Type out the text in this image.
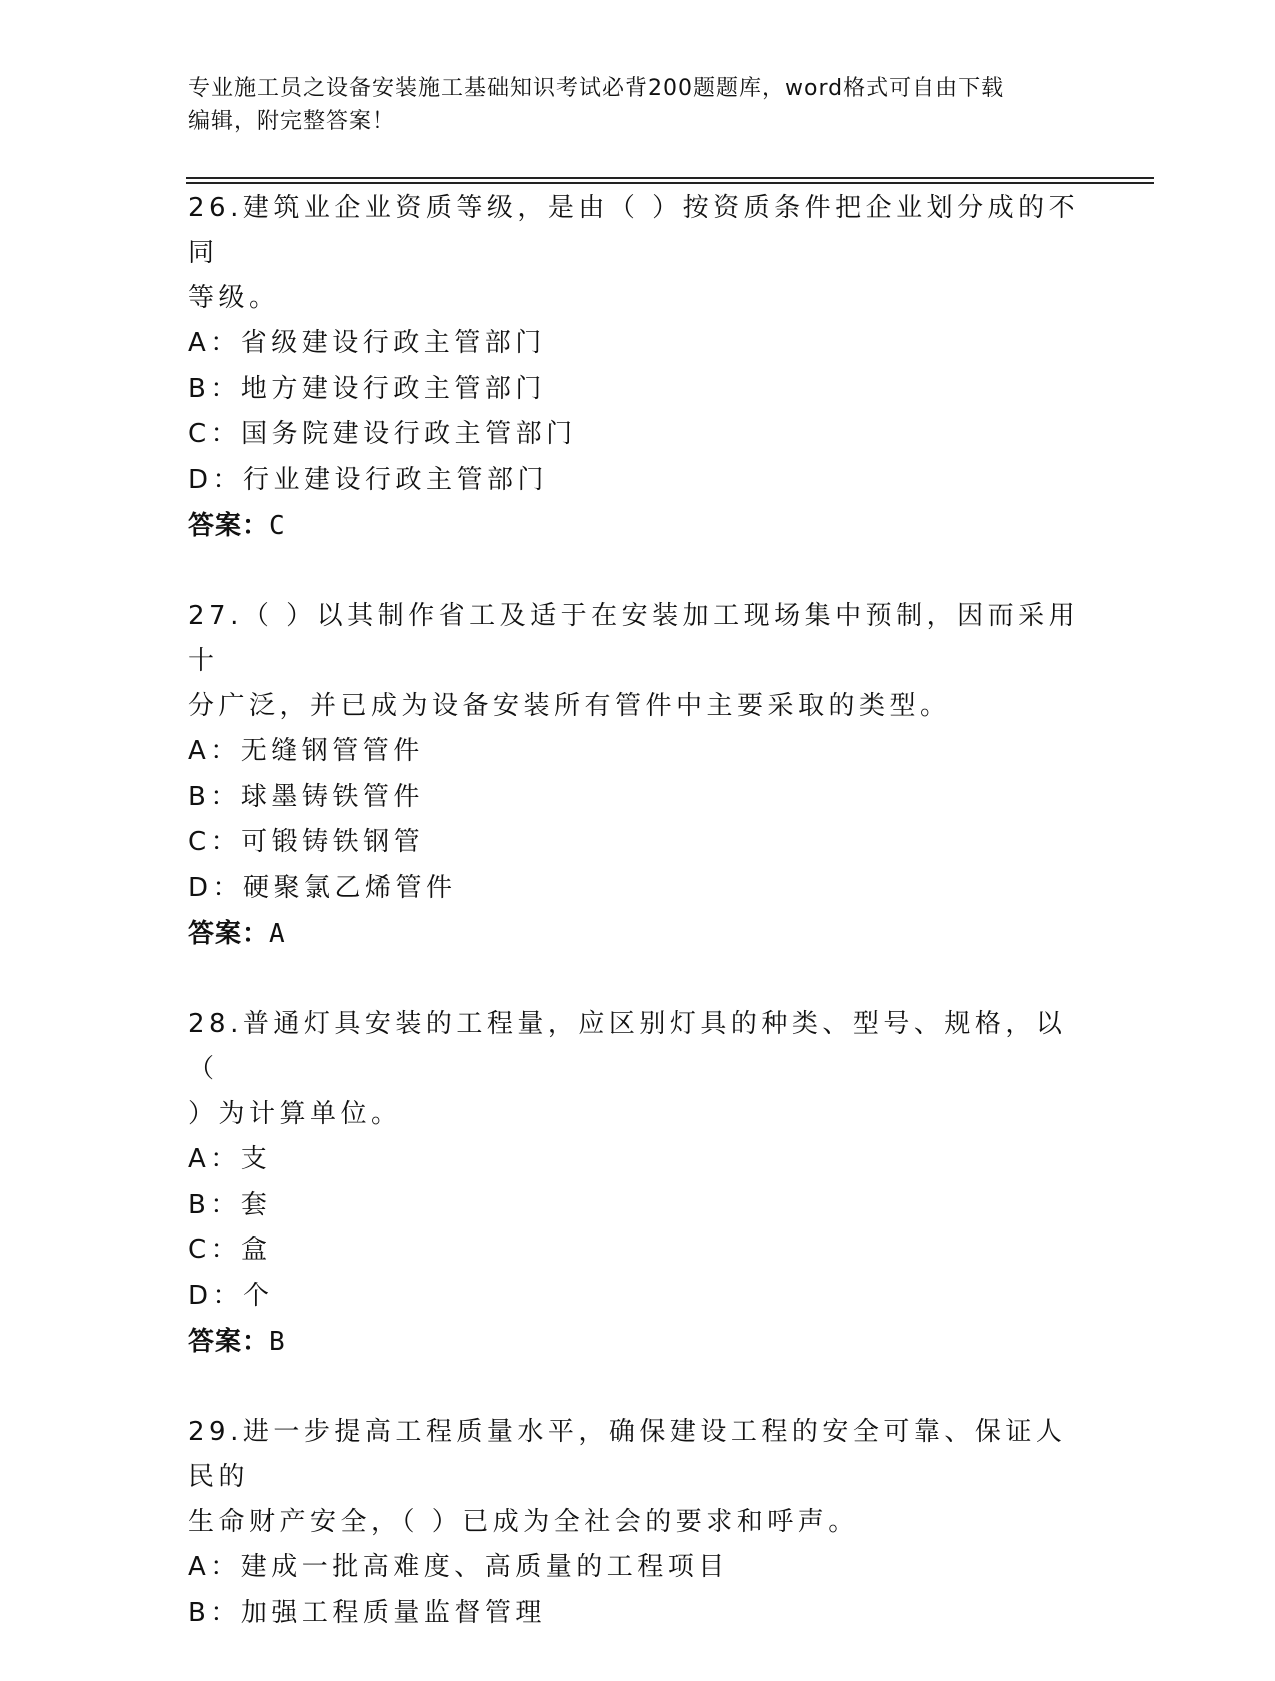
专业施工员之设备安装施工基础知识考试必背200题题库，word格式可自由下载
编辑，附完整答案！
26.建筑业企业资质等级，是由（ ）按资质条件把企业划分成的不同
等级。
A：省级建设行政主管部门
B：地方建设行政主管部门
C：国务院建设行政主管部门
D：行业建设行政主管部门
答案：C
27.（ ）以其制作省工及适于在安装加工现场集中预制，因而采用十
分广泛，并已成为设备安装所有管件中主要采取的类型。
A：无缝钢管管件
B：球墨铸铁管件
C：可锻铸铁钢管
D：硬聚氯乙烯管件
答案：A
28.普通灯具安装的工程量，应区别灯具的种类、型号、规格，以（
）为计算单位。
A：支
B：套
C：盒
D：个
答案：B
29.进一步提高工程质量水平，确保建设工程的安全可靠、保证人民的
生命财产安全，（ ）已成为全社会的要求和呼声。
A：建成一批高难度、高质量的工程项目
B：加强工程质量监督管理
